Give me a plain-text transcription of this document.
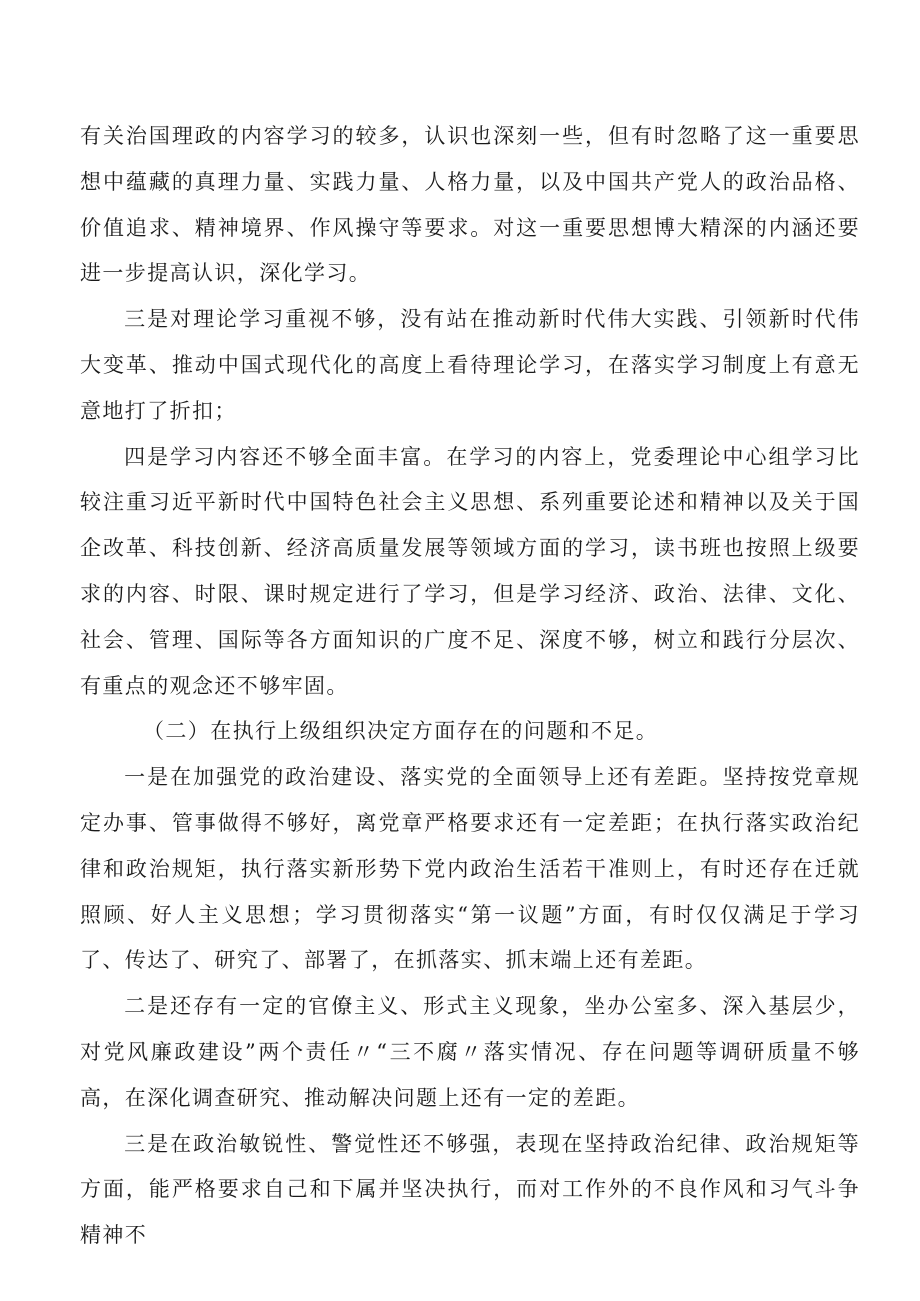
有关治国理政的内容学习的较多，认识也深刻一些，但有时忽略了这一重要思想中蕴藏的真理力量、实践力量、人格力量，以及中国共产党人的政治品格、价值追求、精神境界、作风操守等要求。对这一重要思想博大精深的内涵还要进一步提高认识，深化学习。

三是对理论学习重视不够，没有站在推动新时代伟大实践、引领新时代伟大变革、推动中国式现代化的高度上看待理论学习，在落实学习制度上有意无意地打了折扣；

四是学习内容还不够全面丰富。在学习的内容上，党委理论中心组学习比较注重习近平新时代中国特色社会主义思想、系列重要论述和精神以及关于国企改革、科技创新、经济高质量发展等领域方面的学习，读书班也按照上级要求的内容、时限、课时规定进行了学习，但是学习经济、政治、法律、文化、社会、管理、国际等各方面知识的广度不足、深度不够，树立和践行分层次、有重点的观念还不够牢固。

（二）在执行上级组织决定方面存在的问题和不足。

一是在加强党的政治建设、落实党的全面领导上还有差距。坚持按党章规定办事、管事做得不够好，离党章严格要求还有一定差距；在执行落实政治纪律和政治规矩，执行落实新形势下党内政治生活若干准则上，有时还存在迁就照顾、好人主义思想；学习贯彻落实“第一议题”方面，有时仅仅满足于学习了、传达了、研究了、部署了，在抓落实、抓末端上还有差距。

二是还存有一定的官僚主义、形式主义现象，坐办公室多、深入基层少，对党风廉政建设”两个责任〃“三不腐〃落实情况、存在问题等调研质量不够高，在深化调查研究、推动解决问题上还有一定的差距。

三是在政治敏锐性、警觉性还不够强，表现在坚持政治纪律、政治规矩等方面，能严格要求自己和下属并坚决执行，而对工作外的不良作风和习气斗争精神不
